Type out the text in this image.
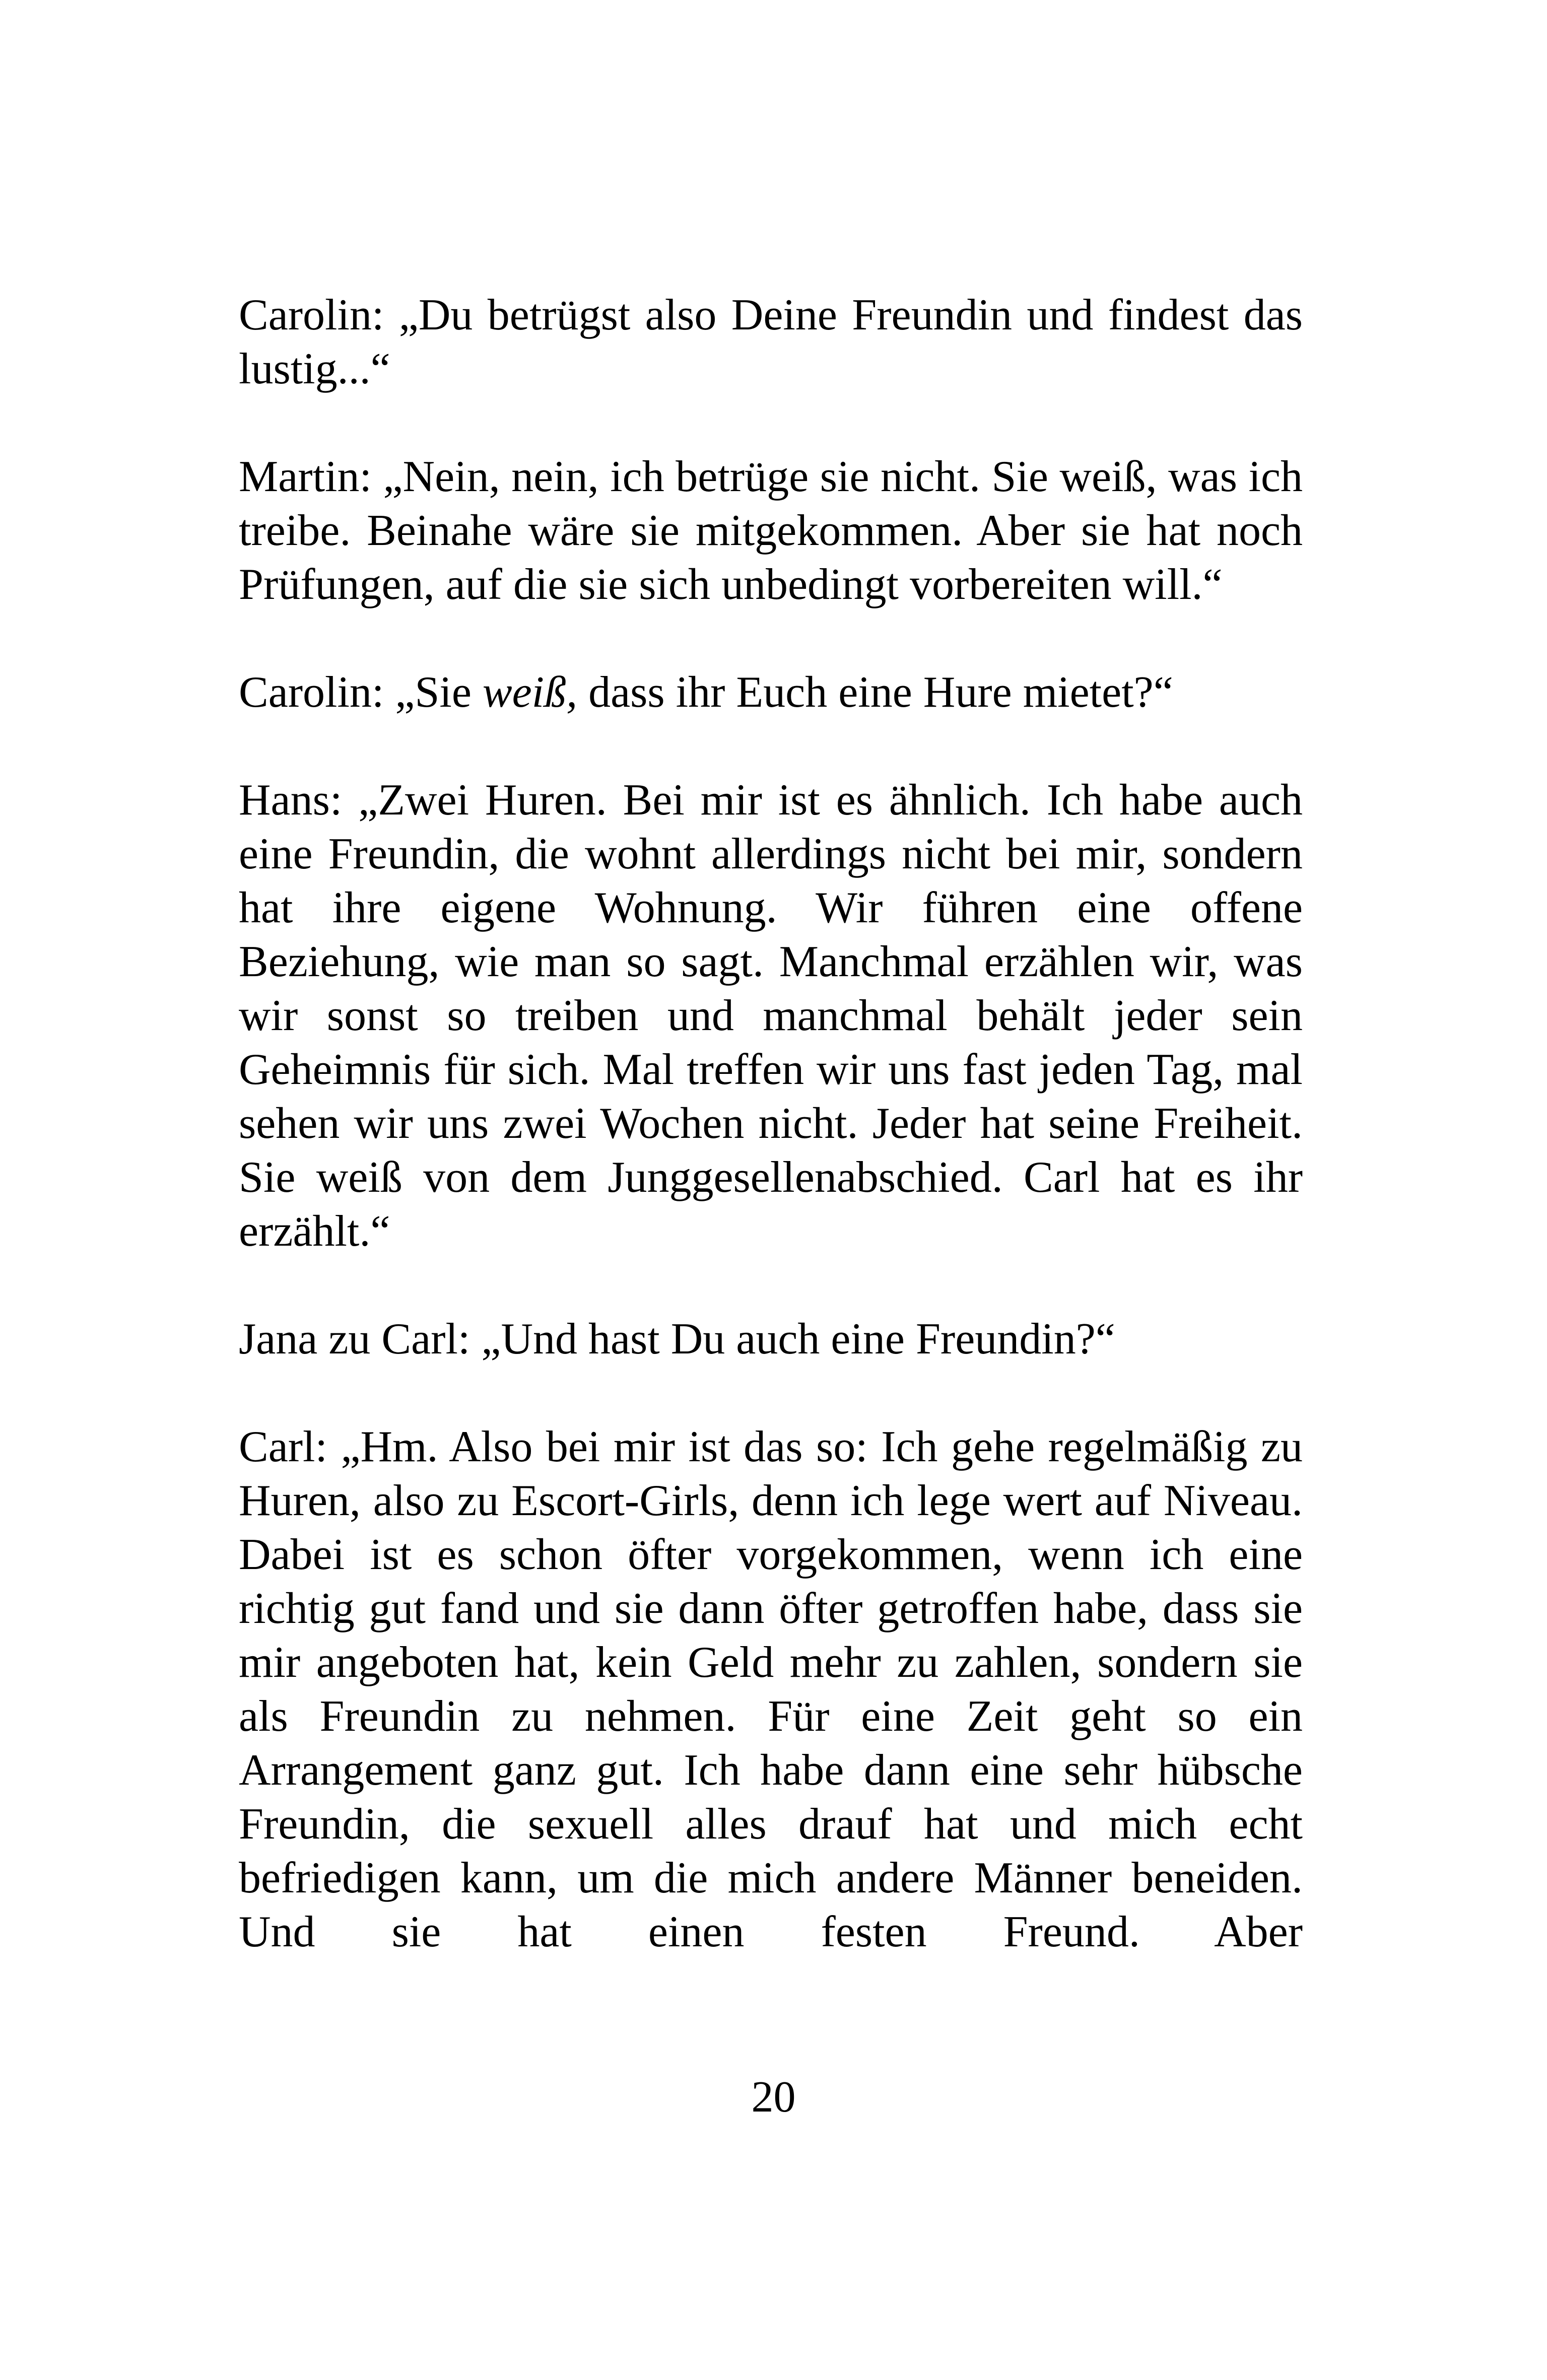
Carolin: „Du betrügst also Deine Freundin und findest das lustig...“

Martin: „Nein, nein, ich betrüge sie nicht. Sie weiß, was ich treibe. Beinahe wäre sie mitgekommen. Aber sie hat noch Prüfungen, auf die sie sich unbedingt vorbereiten will.“

Carolin: „Sie weiß, dass ihr Euch eine Hure mietet?“

Hans: „Zwei Huren. Bei mir ist es ähnlich. Ich habe auch eine Freundin, die wohnt allerdings nicht bei mir, sondern hat ihre eigene Wohnung. Wir führen eine offene Beziehung, wie man so sagt. Manchmal erzählen wir, was wir sonst so treiben und manchmal behält jeder sein Geheimnis für sich. Mal treffen wir uns fast jeden Tag, mal sehen wir uns zwei Wochen nicht. Jeder hat seine Freiheit. Sie weiß von dem Junggesellenabschied. Carl hat es ihr erzählt.“

Jana zu Carl: „Und hast Du auch eine Freundin?“

Carl: „Hm. Also bei mir ist das so: Ich gehe regelmäßig zu Huren, also zu Escort-Girls, denn ich lege wert auf Niveau. Dabei ist es schon öfter vorgekommen, wenn ich eine richtig gut fand und sie dann öfter getroffen habe, dass sie mir angeboten hat, kein Geld mehr zu zahlen, sondern sie als Freundin zu nehmen. Für eine Zeit geht so ein Arrangement ganz gut. Ich habe dann eine sehr hübsche Freundin, die sexuell alles drauf hat und mich echt befriedigen kann, um die mich andere Männer beneiden. Und sie hat einen festen Freund. Aber

20
